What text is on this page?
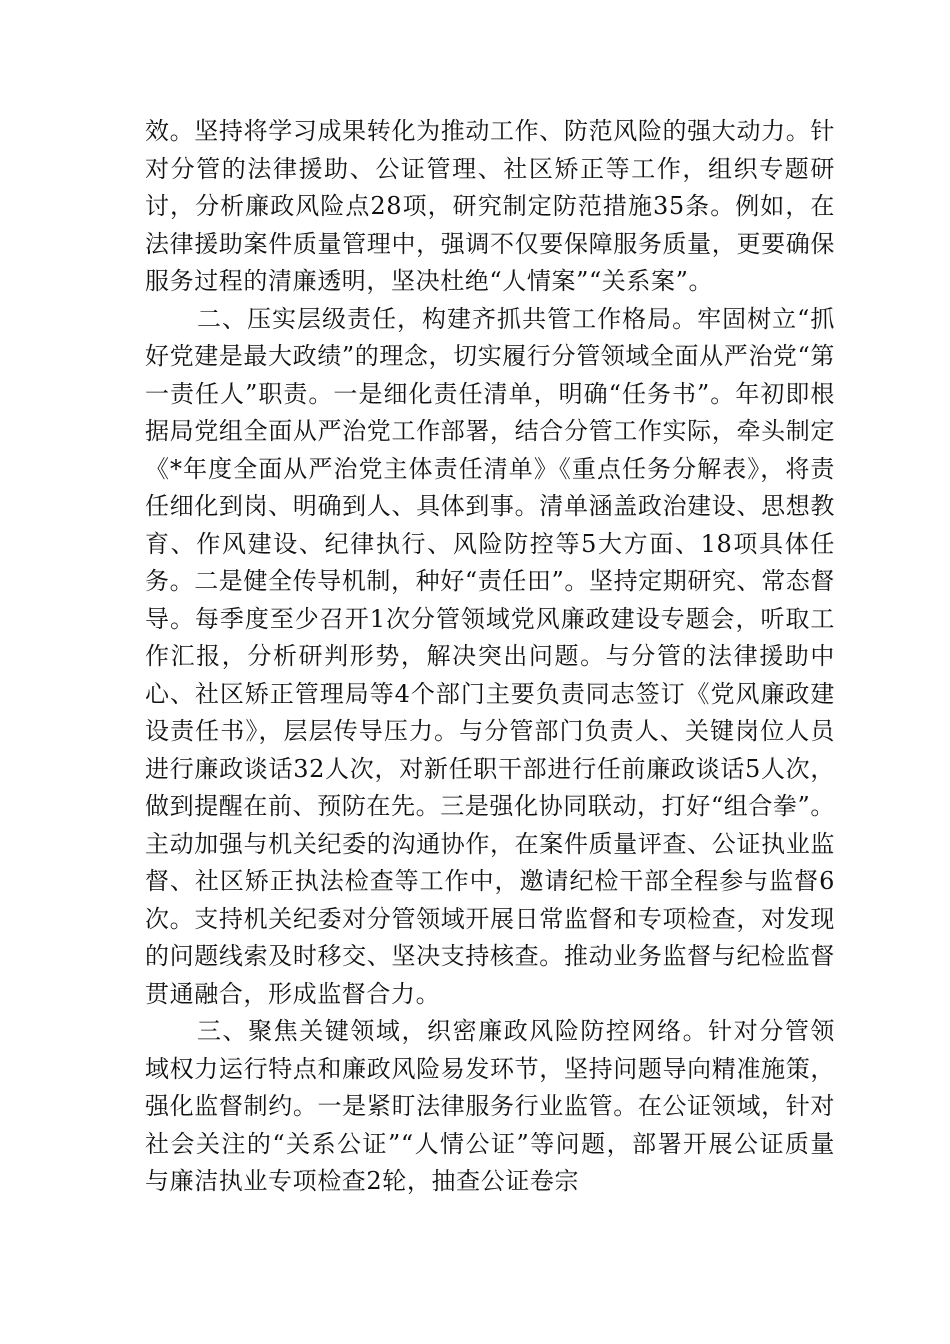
效。坚持将学习成果转化为推动工作、防范风险的强大动力。针对分管的法律援助、公证管理、社区矫正等工作，组织专题研讨，分析廉政风险点28项，研究制定防范措施35条。例如，在法律援助案件质量管理中，强调不仅要保障服务质量，更要确保服务过程的清廉透明，坚决杜绝“人情案”“关系案”。

二、压实层级责任，构建齐抓共管工作格局。牢固树立“抓好党建是最大政绩”的理念，切实履行分管领域全面从严治党“第一责任人”职责。一是细化责任清单，明确“任务书”。年初即根据局党组全面从严治党工作部署，结合分管工作实际，牵头制定《*年度全面从严治党主体责任清单》《重点任务分解表》，将责任细化到岗、明确到人、具体到事。清单涵盖政治建设、思想教育、作风建设、纪律执行、风险防控等5大方面、18项具体任务。二是健全传导机制，种好“责任田”。坚持定期研究、常态督导。每季度至少召开1次分管领域党风廉政建设专题会，听取工作汇报，分析研判形势，解决突出问题。与分管的法律援助中心、社区矫正管理局等4个部门主要负责同志签订《党风廉政建设责任书》，层层传导压力。与分管部门负责人、关键岗位人员进行廉政谈话32人次，对新任职干部进行任前廉政谈话5人次，做到提醒在前、预防在先。三是强化协同联动，打好“组合拳”。主动加强与机关纪委的沟通协作，在案件质量评查、公证执业监督、社区矫正执法检查等工作中，邀请纪检干部全程参与监督6次。支持机关纪委对分管领域开展日常监督和专项检查，对发现的问题线索及时移交、坚决支持核查。推动业务监督与纪检监督贯通融合，形成监督合力。

三、聚焦关键领域，织密廉政风险防控网络。针对分管领域权力运行特点和廉政风险易发环节，坚持问题导向精准施策，强化监督制约。一是紧盯法律服务行业监管。在公证领域，针对社会关注的“关系公证”“人情公证”等问题，部署开展公证质量与廉洁执业专项检查2轮，抽查公证卷宗
